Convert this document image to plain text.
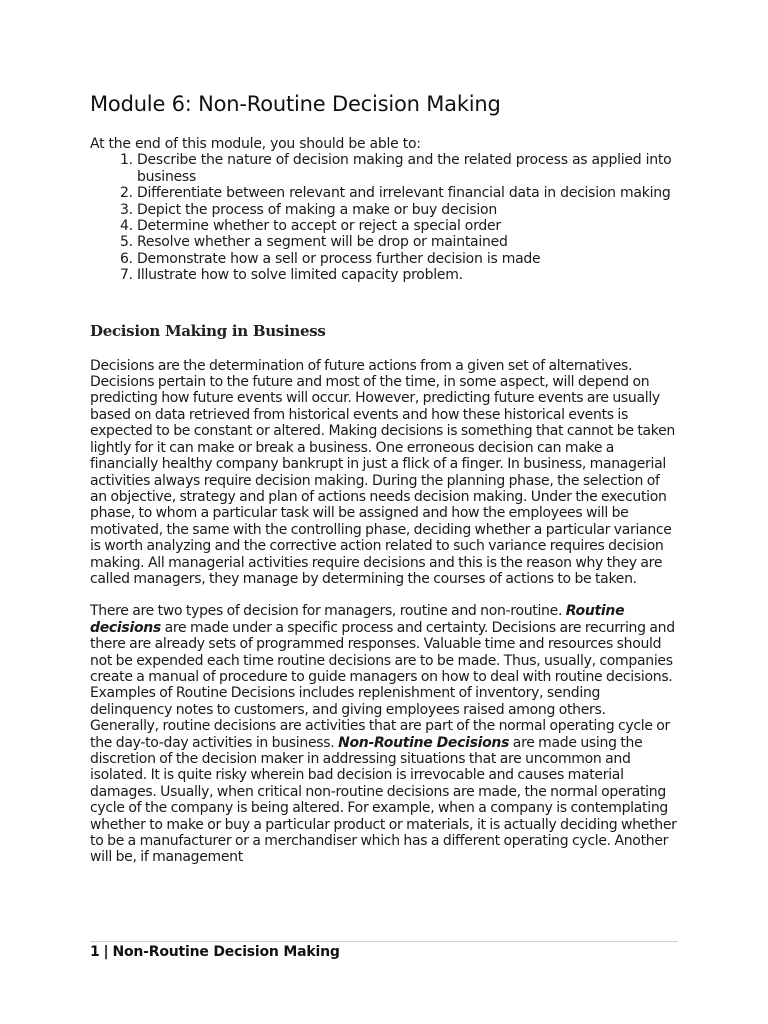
Module 6: Non-Routine Decision Making

At the end of this module, you should be able to:

1. Describe the nature of decision making and the related process as applied into business
2. Differentiate between relevant and irrelevant financial data in decision making
3. Depict the process of making a make or buy decision
4. Determine whether to accept or reject a special order
5. Resolve whether a segment will be drop or maintained
6. Demonstrate how a sell or process further decision is made
7. Illustrate how to solve limited capacity problem.
Decision Making in Business

Decisions are the determination of future actions from a given set of alternatives. Decisions pertain to the future and most of the time, in some aspect, will depend on predicting how future events will occur. However, predicting future events are usually based on data retrieved from historical events and how these historical events is expected to be constant or altered. Making decisions is something that cannot be taken lightly for it can make or break a business. One erroneous decision can make a financially healthy company bankrupt in just a flick of a finger. In business, managerial activities always require decision making. During the planning phase, the selection of an objective, strategy and plan of actions needs decision making. Under the execution phase, to whom a particular task will be assigned and how the employees will be motivated, the same with the controlling phase, deciding whether a particular variance is worth analyzing and the corrective action related to such variance requires decision making. All managerial activities require decisions and this is the reason why they are called managers, they manage by determining the courses of actions to be taken.

There are two types of decision for managers, routine and non-routine. Routine decisions are made under a specific process and certainty. Decisions are recurring and there are already sets of programmed responses. Valuable time and resources should not be expended each time routine decisions are to be made. Thus, usually, companies create a manual of procedure to guide managers on how to deal with routine decisions. Examples of Routine Decisions includes replenishment of inventory, sending delinquency notes to customers, and giving employees raised among others. Generally, routine decisions are activities that are part of the normal operating cycle or the day-to-day activities in business. Non-Routine Decisions are made using the discretion of the decision maker in addressing situations that are uncommon and isolated. It is quite risky wherein bad decision is irrevocable and causes material damages. Usually, when critical non-routine decisions are made, the normal operating cycle of the company is being altered. For example, when a company is contemplating whether to make or buy a particular product or materials, it is actually deciding whether to be a manufacturer or a merchandiser which has a different operating cycle. Another will be, if management

1 | Non-Routine Decision Making
